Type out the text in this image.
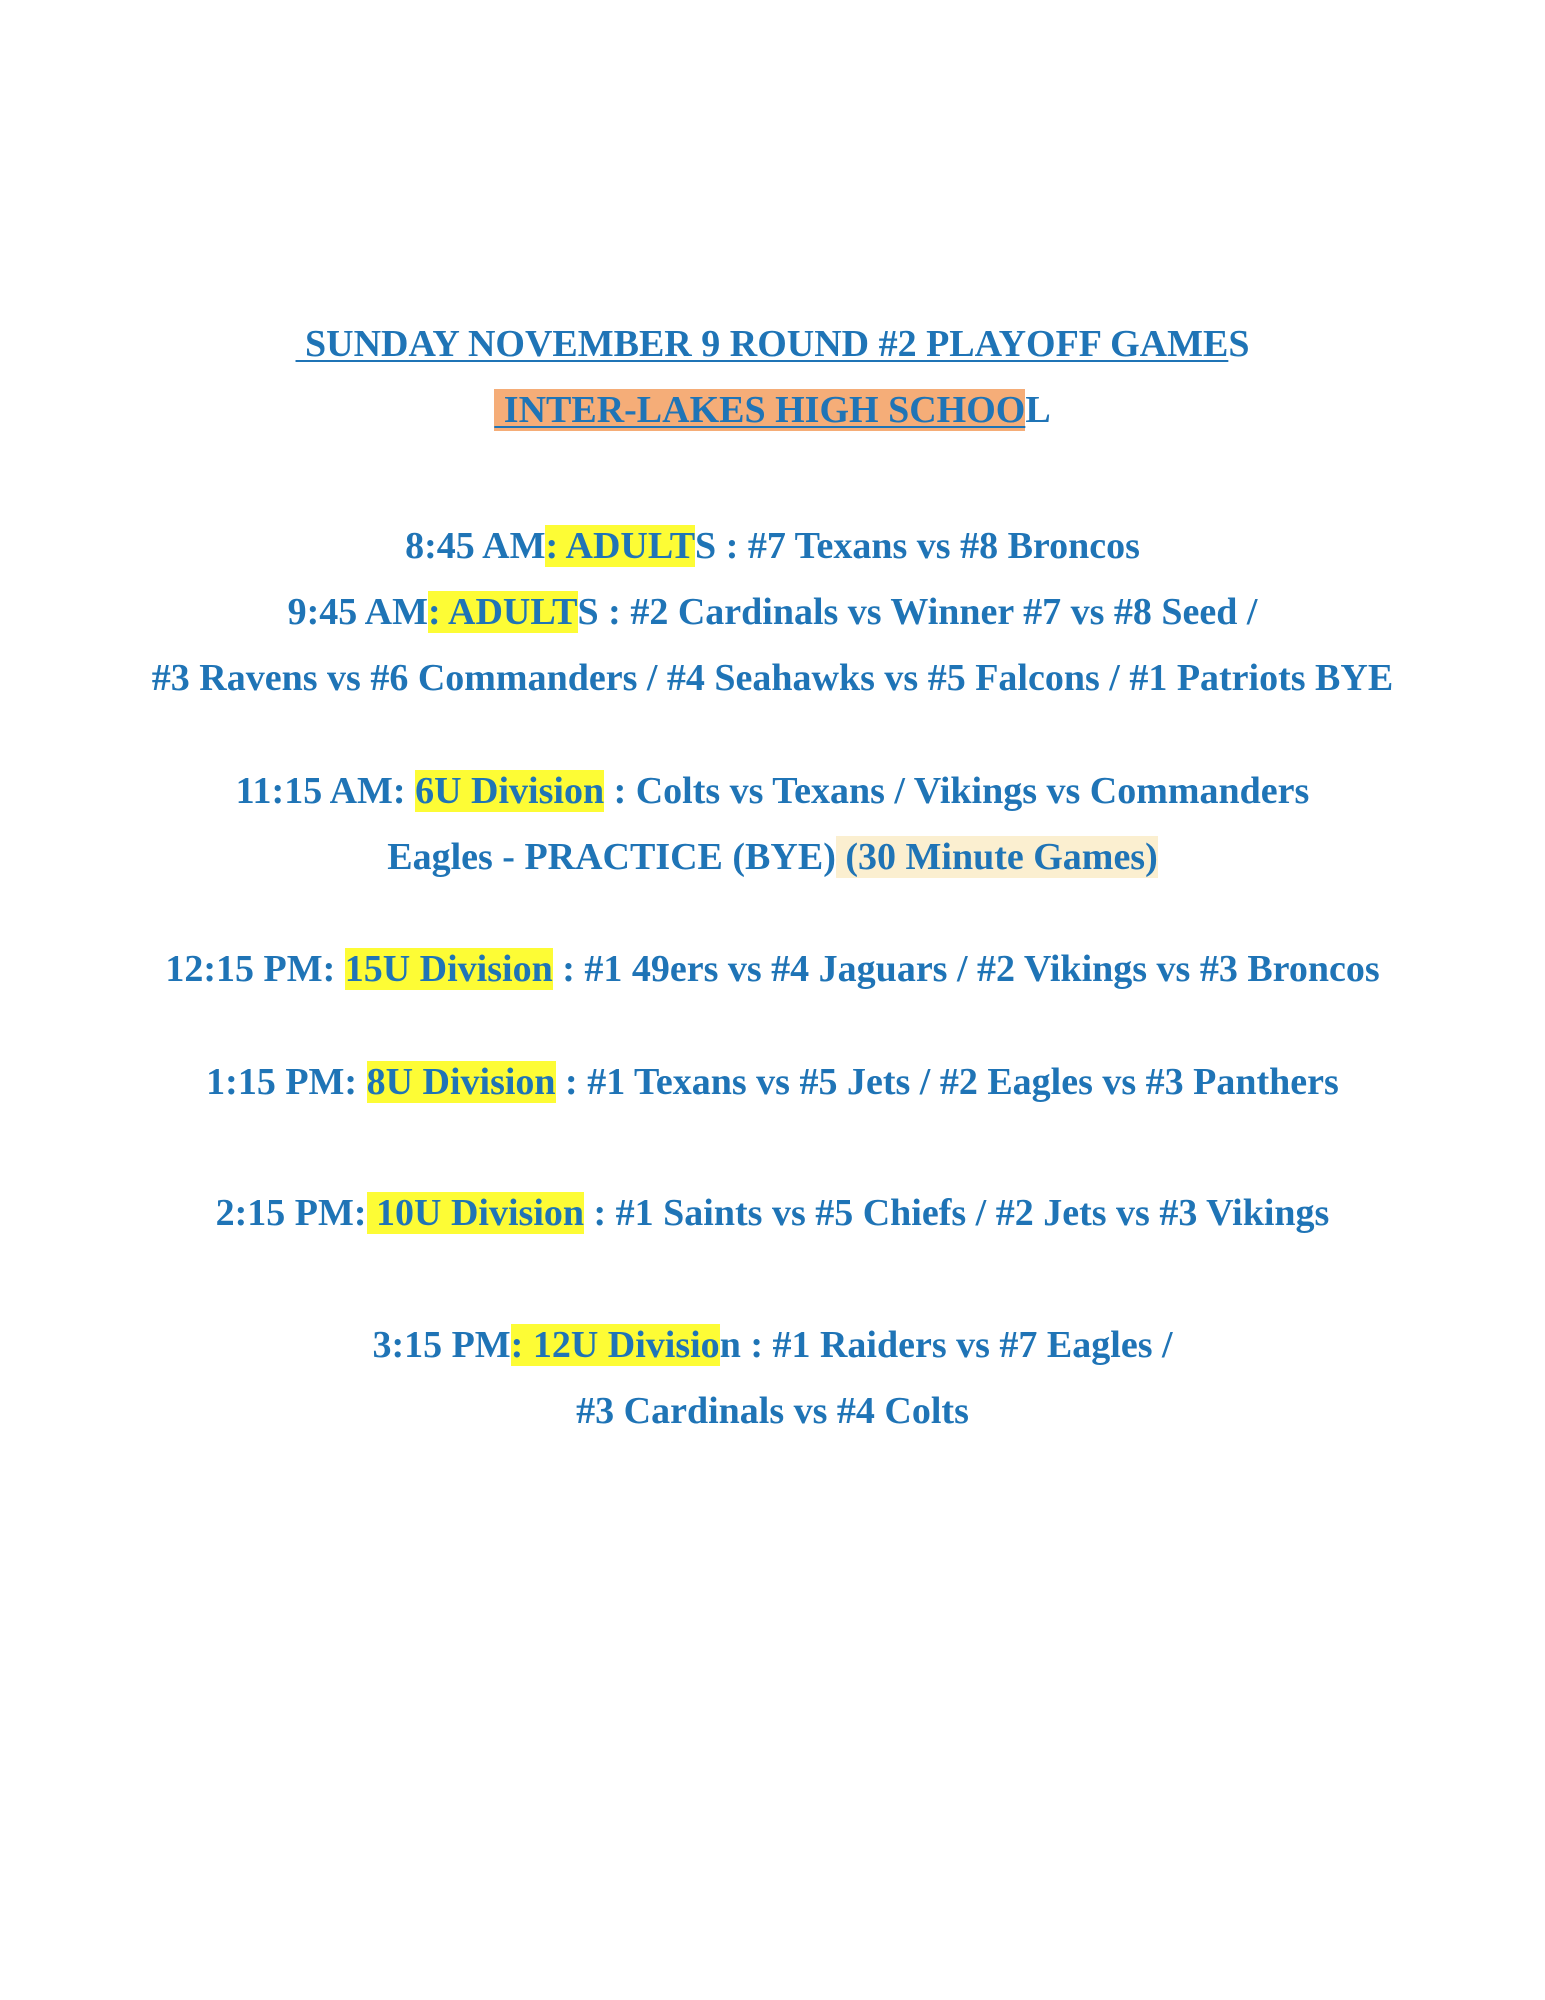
SUNDAY NOVEMBER 9 ROUND #2 PLAYOFF GAMES
INTER-LAKES HIGH SCHOOL
8:45 AM: ADULTS : #7 Texans vs #8 Broncos
9:45 AM: ADULTS : #2 Cardinals vs Winner #7 vs #8 Seed /
#3 Ravens vs #6 Commanders / #4 Seahawks vs #5 Falcons / #1 Patriots BYE
11:15 AM: 6U Division : Colts vs Texans / Vikings vs Commanders
Eagles - PRACTICE (BYE) (30 Minute Games)
12:15 PM: 15U Division : #1 49ers vs #4 Jaguars / #2 Vikings vs #3 Broncos
1:15 PM: 8U Division : #1 Texans vs #5 Jets / #2 Eagles vs #3 Panthers
2:15 PM: 10U Division : #1 Saints vs #5 Chiefs / #2 Jets vs #3 Vikings
3:15 PM: 12U Division : #1 Raiders vs #7 Eagles /
#3 Cardinals vs #4 Colts
